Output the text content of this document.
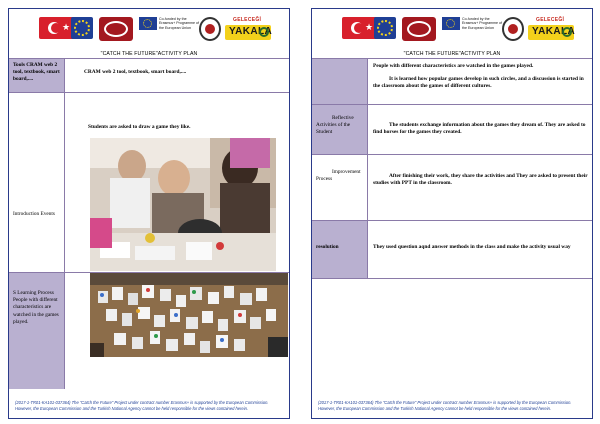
★
Co-funded by the Erasmus+ Programme of the European Union
GELECEĞİ
YAKALA
"CATCH THE FUTURE"ACTIVITY PLAN
Tools CRAM web 2 tool, textbook, smart board,....
CRAM web 2 tool, textbook, smart board,....
Introduction Events
Students are asked to draw a game they like.
S Learning Process People with different characteristics are watched in the games played.
(2017-1-TR01-KA101-037364) The "Catch the Future" Project under contract number Erasmus+ is supported by the European Commission. However, the European Commission and the Turkish National Agency cannot be held responsible for the views contained herein.
★
Co-funded by the Erasmus+ Programme of the European Union
GELECEĞİ
YAKALA
"CATCH THE FUTURE"ACTIVITY PLAN
People with different characteristics are watched in the games played.
It is learned how popular games develop in such circles, and a discussion is started in the classroom about the games of different cultures.
Reflective Activities of the Student
The students exchange information about the games they dream of. They are asked to find horses for the games they created.
Improvement Process
After finishing their work, they share the activities and They are asked to present their studies with PPT in the classroom.
resolution	They used question aqnd answer methods in the class and make the activity usual way
(2017-1-TR01-KA101-037364) The "Catch the Future" Project under contract number Erasmus+ is supported by the European Commission. However, the European Commission and the Turkish National Agency cannot be held responsible for the views contained herein.
